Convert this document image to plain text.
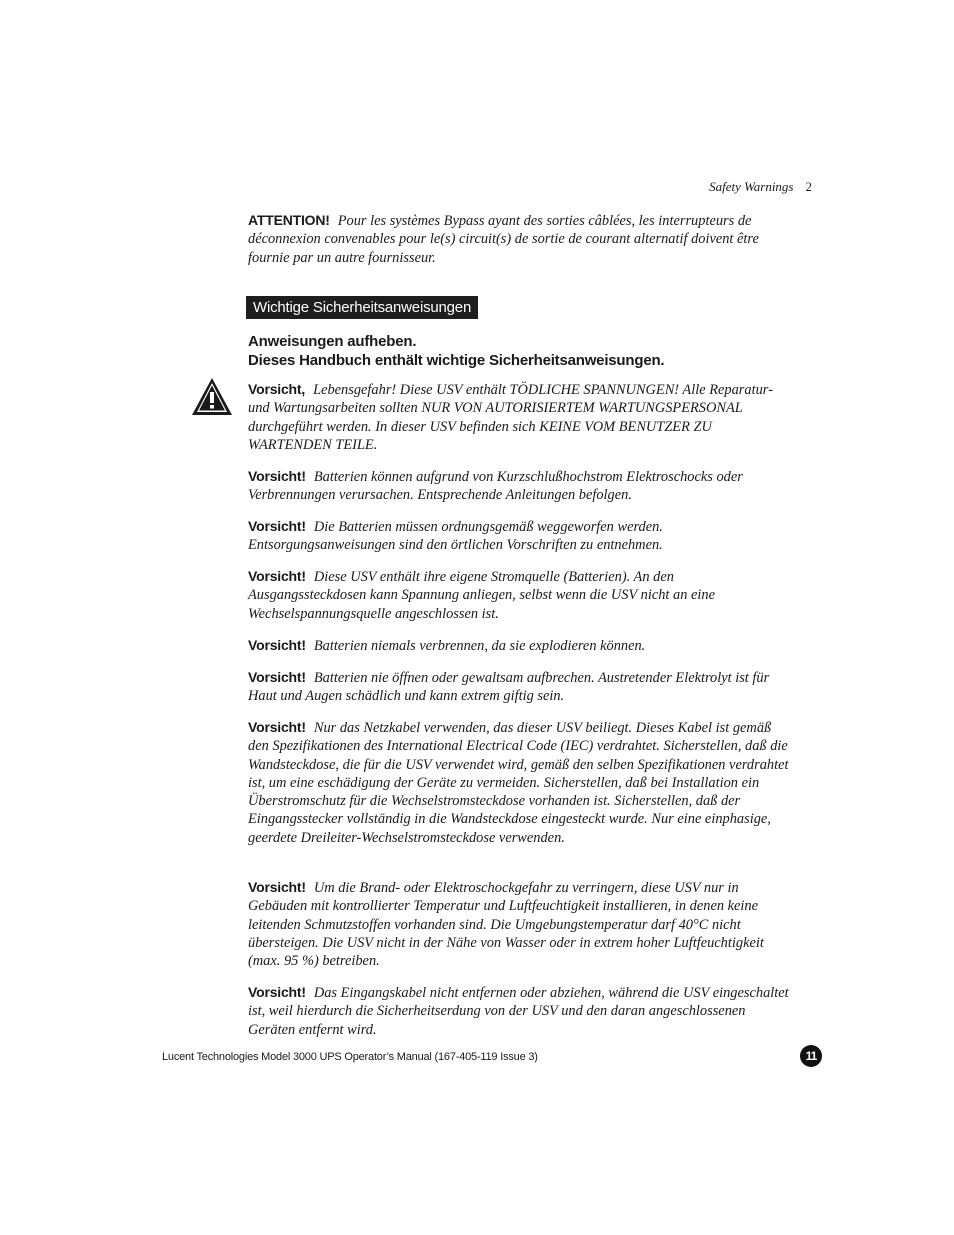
Safety Warnings 2
ATTENTION! Pour les systèmes Bypass ayant des sorties câblées, les interrupteurs de déconnexion convenables pour le(s) circuit(s) de sortie de courant alternatif doivent être fournie par un autre fournisseur.
Wichtige Sicherheitsanweisungen
Anweisungen aufheben.
Dieses Handbuch enthält wichtige Sicherheitsanweisungen.
Vorsicht, Lebensgefahr! Diese USV enthält TÖDLICHE SPANNUNGEN! Alle Reparatur- und Wartungsarbeiten sollten NUR VON AUTORISIERTEM WARTUNGSPERSONAL durchgeführt werden. In dieser USV befinden sich KEINE VOM BENUTZER ZU WARTENDEN TEILE.
Vorsicht! Batterien können aufgrund von Kurzschlußhochstrom Elektroschocks oder Verbrennungen verursachen. Entsprechende Anleitungen befolgen.
Vorsicht! Die Batterien müssen ordnungsgemäß weggeworfen werden. Entsorgungsanweisungen sind den örtlichen Vorschriften zu entnehmen.
Vorsicht! Diese USV enthält ihre eigene Stromquelle (Batterien). An den Ausgangssteckdosen kann Spannung anliegen, selbst wenn die USV nicht an eine Wechselspannungsquelle angeschlossen ist.
Vorsicht! Batterien niemals verbrennen, da sie explodieren können.
Vorsicht! Batterien nie öffnen oder gewaltsam aufbrechen. Austretender Elektrolyt ist für Haut und Augen schädlich und kann extrem giftig sein.
Vorsicht! Nur das Netzkabel verwenden, das dieser USV beiliegt. Dieses Kabel ist gemäß den Spezifikationen des International Electrical Code (IEC) verdrahtet. Sicherstellen, daß die Wandsteckdose, die für die USV verwendet wird, gemäß den selben Spezifikationen verdrahtet ist, um eine eschädigung der Geräte zu vermeiden. Sicherstellen, daß bei Installation ein Überstromschutz für die Wechselstromsteckdose vorhanden ist. Sicherstellen, daß der Eingangsstecker vollständig in die Wandsteckdose eingesteckt wurde. Nur eine einphasige, geerdete Dreileiter-Wechselstromsteckdose verwenden.
Vorsicht! Um die Brand- oder Elektroschockgefahr zu verringern, diese USV nur in Gebäuden mit kontrollierter Temperatur und Luftfeuchtigkeit installieren, in denen keine leitenden Schmutzstoffen vorhanden sind. Die Umgebungstemperatur darf 40°C nicht übersteigen. Die USV nicht in der Nähe von Wasser oder in extrem hoher Luftfeuchtigkeit (max. 95 %) betreiben.
Vorsicht! Das Eingangskabel nicht entfernen oder abziehen, während die USV eingeschaltet ist, weil hierdurch die Sicherheitserdung von der USV und den daran angeschlossenen Geräten entfernt wird.
Lucent Technologies Model 3000 UPS Operator’s Manual (167-405-119 Issue 3)	11
